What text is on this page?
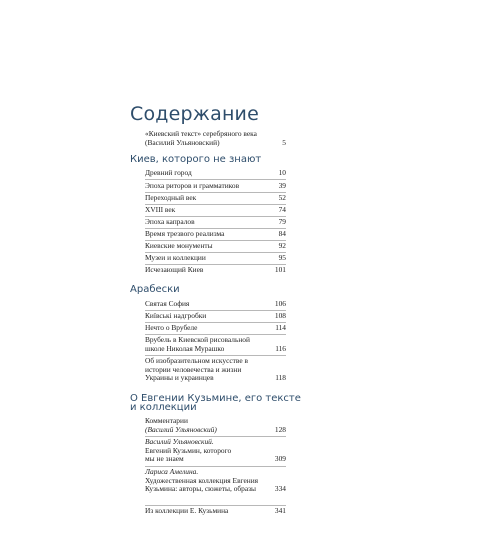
Содержание
«Киевский текст» серебряного века
(Василий Ульяновский)	5
Киев, которого не знают
Древний город	10
Эпоха риторов и грамматиков	39
Переходный век	52
XVIII век	74
Эпоха капралов	79
Время трезвого реализма	84
Киевские монументы	92
Музеи и коллекции	95
Исчезающий Киев	101
Арабески
Святая София	106
Київські надгробки	108
Нечто о Врубеле	114
Врубель в Киевской рисовальной школе Николая Мурашко	116
Об изобразительном искусстве в истории человечества и жизни Украины и украинцев	118
О Евгении Кузьмине, его тексте
и коллекции
Комментарии
(Василий Ульяновский)	128
Василий Ульяновский.
Евгений Кузьмин, которого мы не знаем	309
Лариса Амелина.
Художественная коллекция Евгения Кузьмина: авторы, сюжеты, образы	334
Из коллекции Е. Кузьмина	341
